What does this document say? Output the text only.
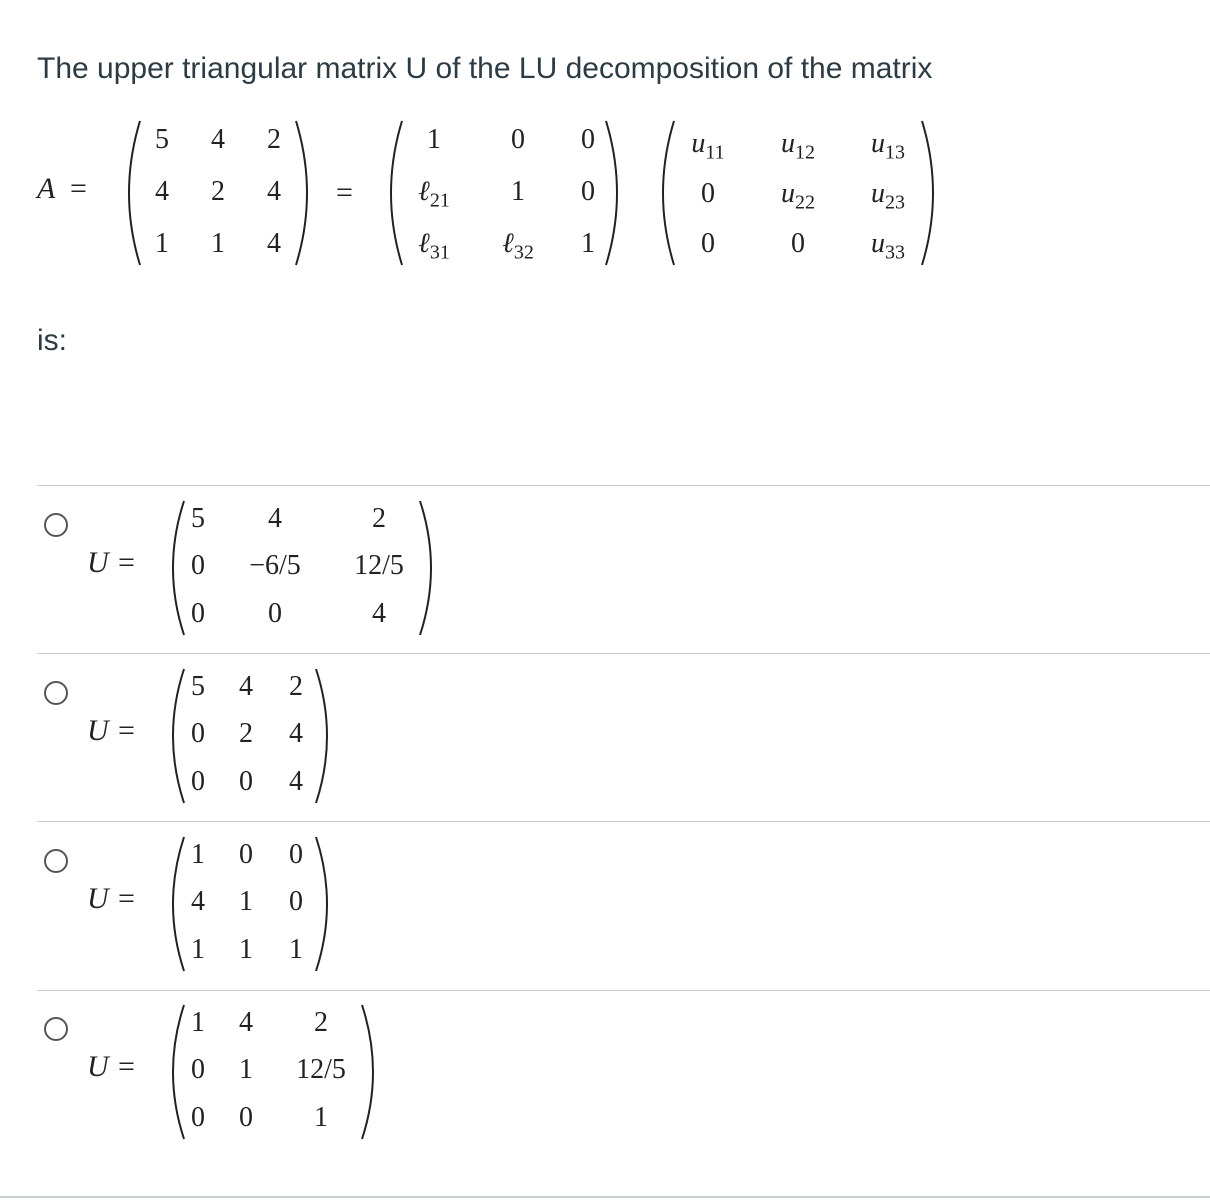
The upper triangular matrix U of the LU decomposition of the matrix
A =
5 4 2
4 2 4
1 1 4
=
1	0	0
ℓ$_{21}$	1	0
ℓ$_{31}$ ℓ$_{32}$	1
$u_{11}$	$u_{12}$	$u_{13}$
0	$u_{22}$	$u_{23}$
0	0	$u_{33}$
is:
U =
5	4	2
0	−6/5	12/5
0	0	4
U =
5 4 2
0 2 4
0 0 4
U =
1 0 0
4 1 0
1 1 1
U =
1 4	2
0 1	12/5
0 0	1
